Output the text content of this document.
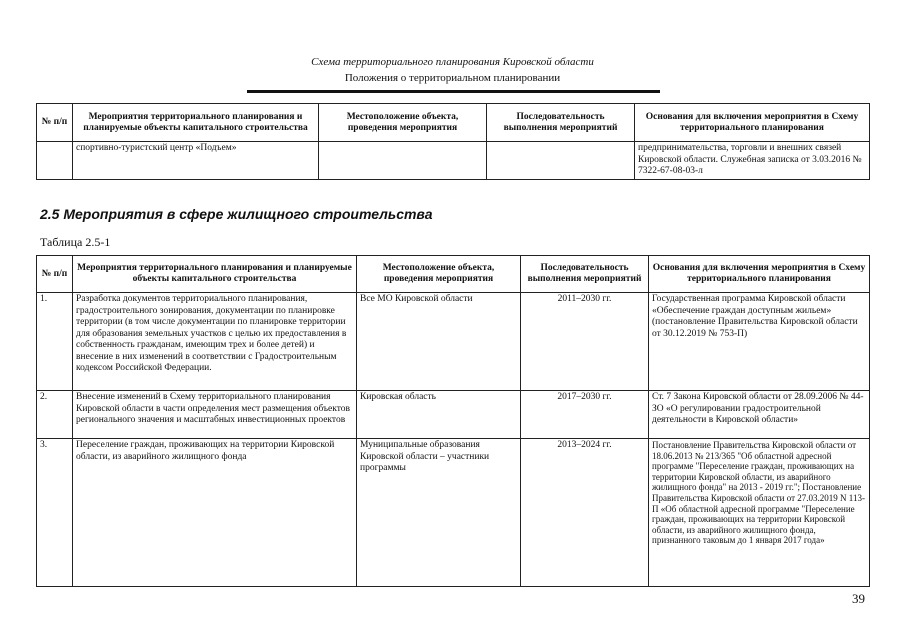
Схема территориального планирования Кировской области
Положения о территориальном планировании
№ п/п	Мероприятия территориального планирования и планируемые объекты капитального строительства	Местоположение объекта, проведения мероприятия	Последовательность выполнения мероприятий	Основания для включения мероприятия в Схему территориального планирования
	спортивно-туристский центр «Подъем»			предпринимательства, торговли и внешних связей Кировской области. Служебная записка от 3.03.2016 № 7322-67-08-03-л
2.5 Мероприятия в сфере жилищного строительства
Таблица 2.5-1
№ п/п	Мероприятия территориального планирования и планируемые объекты капитального строительства	Местоположение объекта, проведения мероприятия	Последовательность выполнения мероприятий	Основания для включения мероприятия в Схему территориального планирования
1.	Разработка документов территориального планирования, градостроительного зонирования, документации по планировке территории (в том числе документации по планировке территории для образования земельных участков с целью их предоставления в собственность гражданам, имеющим трех и более детей) и внесение в них изменений в соответствии с Градостроительным кодексом Российской Федерации.	Все МО Кировской области	2011–2030 гг.	Государственная программа Кировской области «Обеспечение граждан доступным жильем» (постановление Правительства Кировской области от 30.12.2019 № 753-П)
2.	Внесение изменений в Схему территориального планирования Кировской области в части определения мест размещения объектов регионального значения и масштабных инвестиционных проектов	Кировская область	2017–2030 гг.	Ст. 7 Закона Кировской области от 28.09.2006 № 44-ЗО «О регулировании градостроительной деятельности в Кировской области»
3.	Переселение граждан, проживающих на территории Кировской области, из аварийного жилищного фонда	Муниципальные образования Кировской области – участники программы	2013–2024 гг.	Постановление Правительства Кировской области от 18.06.2013 № 213/365 "Об областной адресной программе "Переселение граждан, проживающих на территории Кировской области, из аварийного жилищного фонда" на 2013 - 2019 гг."; Постановление Правительства Кировской области от 27.03.2019 N 113-П «Об областной адресной программе "Переселение граждан, проживающих на территории Кировской области, из аварийного жилищного фонда, признанного таковым до 1 января 2017 года»
39
